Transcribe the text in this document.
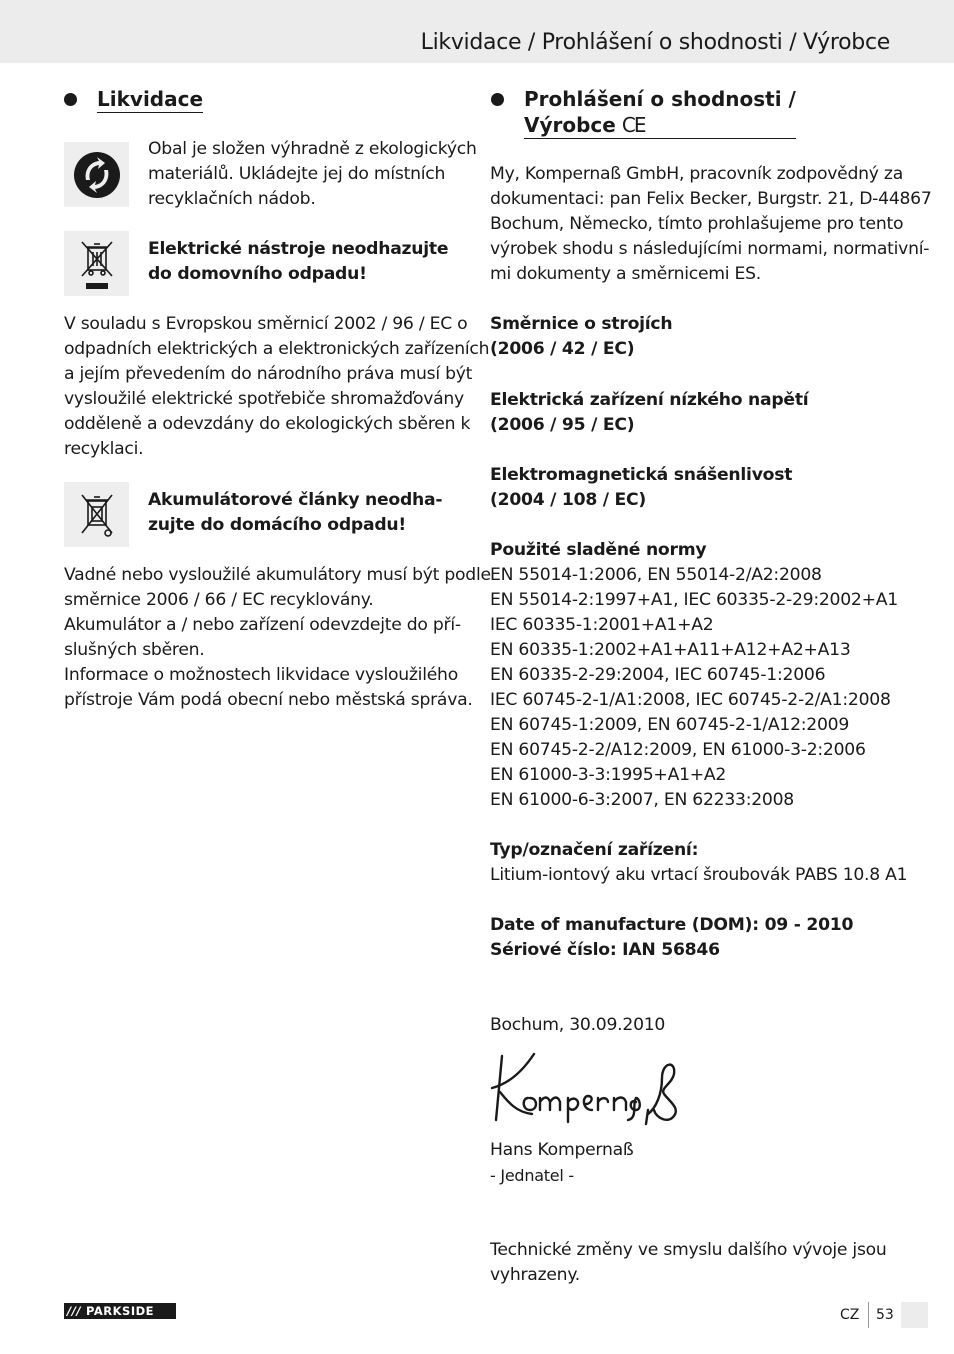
Likvidace / Prohlášení o shodnosti / Výrobce
Likvidace
Obal je složen výhradně z ekologických
materiálů. Ukládejte jej do místních
recyklačních nádob.
Elektrické nástroje neodhazujte
do domovního odpadu!
V souladu s Evropskou směrnicí 2002 / 96 / EC o
odpadních elektrických a elektronických zařízeních
a jejím převedením do národního práva musí být
vysloužilé elektrické spotřebiče shromažďovány
odděleně a odevzdány do ekologických sběren k
recyklaci.
Akumulátorové články neodha-
zujte do domácího odpadu!
Vadné nebo vysloužilé akumulátory musí být podle
směrnice 2006 / 66 / EC recyklovány.
Akumulátor a / nebo zařízení odevzdejte do pří-
slušných sběren.
Informace o možnostech likvidace vysloužilého
přístroje Vám podá obecní nebo městská správa.
Prohlášení o shodnosti /
Výrobce CE
My, Kompernaß GmbH, pracovník zodpovědný za
dokumentaci: pan Felix Becker, Burgstr. 21, D-44867
Bochum, Německo, tímto prohlašujeme pro tento
výrobek shodu s následujícími normami, normativní-
mi dokumenty a směrnicemi ES.
Směrnice o strojích
(2006 / 42 / EC)
Elektrická zařízení nízkého napětí
(2006 / 95 / EC)
Elektromagnetická snášenlivost
(2004 / 108 / EC)
Použité sladěné normy
EN 55014-1:2006, EN 55014-2/A2:2008
EN 55014-2:1997+A1, IEC 60335-2-29:2002+A1
IEC 60335-1:2001+A1+A2
EN 60335-1:2002+A1+A11+A12+A2+A13
EN 60335-2-29:2004, IEC 60745-1:2006
IEC 60745-2-1/A1:2008, IEC 60745-2-2/A1:2008
EN 60745-1:2009, EN 60745-2-1/A12:2009
EN 60745-2-2/A12:2009, EN 61000-3-2:2006
EN 61000-3-3:1995+A1+A2
EN 61000-6-3:2007, EN 62233:2008
Typ/označení zařízení:
Litium-iontový aku vrtací šroubovák PABS 10.8 A1
Date of manufacture (DOM): 09 - 2010
Sériové číslo: IAN 56846
Bochum, 30.09.2010
Hans Kompernaß
- Jednatel -
Technické změny ve smyslu dalšího vývoje jsou
vyhrazeny.
/// PARKSIDE	CZ 53
